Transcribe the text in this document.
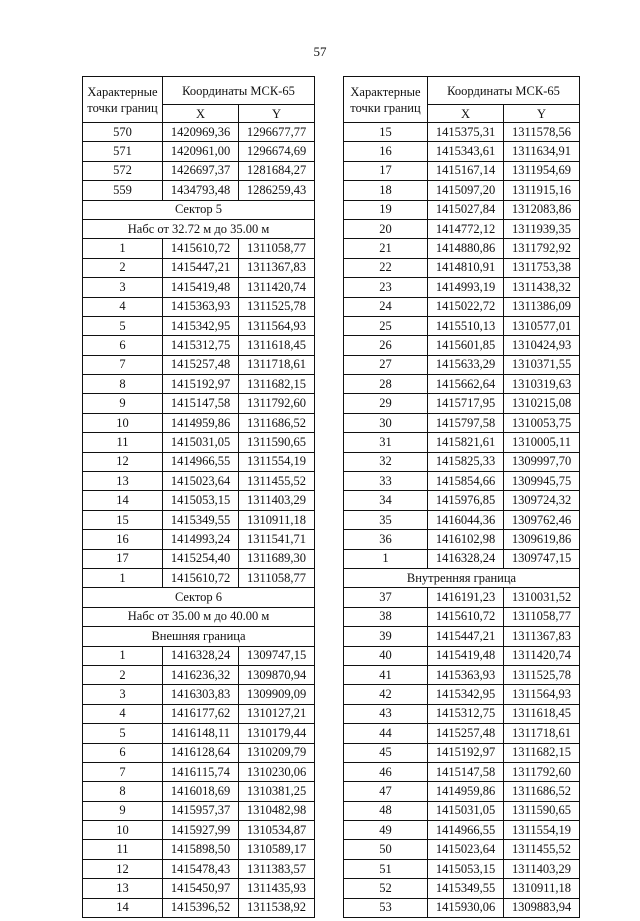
57
Характерные точки границ	Координаты МСК-65	
	X	Y
570	1420969,36	1296677,77
571	1420961,00	1296674,69
572	1426697,37	1281684,27
559	1434793,48	1286259,43
Сектор 5		
Набс от 32.72 м до 35.00 м		
1	1415610,72	1311058,77
2	1415447,21	1311367,83
3	1415419,48	1311420,74
4	1415363,93	1311525,78
5	1415342,95	1311564,93
6	1415312,75	1311618,45
7	1415257,48	1311718,61
8	1415192,97	1311682,15
9	1415147,58	1311792,60
10	1414959,86	1311686,52
11	1415031,05	1311590,65
12	1414966,55	1311554,19
13	1415023,64	1311455,52
14	1415053,15	1311403,29
15	1415349,55	1310911,18
16	1414993,24	1311541,71
17	1415254,40	1311689,30
1	1415610,72	1311058,77
Сектор 6		
Набс от 35.00 м до 40.00 м		
Внешняя граница		
1	1416328,24	1309747,15
2	1416236,32	1309870,94
3	1416303,83	1309909,09
4	1416177,62	1310127,21
5	1416148,11	1310179,44
6	1416128,64	1310209,79
7	1416115,74	1310230,06
8	1416018,69	1310381,25
9	1415957,37	1310482,98
10	1415927,99	1310534,87
11	1415898,50	1310589,17
12	1415478,43	1311383,57
13	1415450,97	1311435,93
14	1415396,52	1311538,92
Характерные точки границ	Координаты МСК-65	
	X	Y
15	1415375,31	1311578,56
16	1415343,61	1311634,91
17	1415167,14	1311954,69
18	1415097,20	1311915,16
19	1415027,84	1312083,86
20	1414772,12	1311939,35
21	1414880,86	1311792,92
22	1414810,91	1311753,38
23	1414993,19	1311438,32
24	1415022,72	1311386,09
25	1415510,13	1310577,01
26	1415601,85	1310424,93
27	1415633,29	1310371,55
28	1415662,64	1310319,63
29	1415717,95	1310215,08
30	1415797,58	1310053,75
31	1415821,61	1310005,11
32	1415825,33	1309997,70
33	1415854,66	1309945,75
34	1415976,85	1309724,32
35	1416044,36	1309762,46
36	1416102,98	1309619,86
1	1416328,24	1309747,15
Внутренняя граница		
37	1416191,23	1310031,52
38	1415610,72	1311058,77
39	1415447,21	1311367,83
40	1415419,48	1311420,74
41	1415363,93	1311525,78
42	1415342,95	1311564,93
43	1415312,75	1311618,45
44	1415257,48	1311718,61
45	1415192,97	1311682,15
46	1415147,58	1311792,60
47	1414959,86	1311686,52
48	1415031,05	1311590,65
49	1414966,55	1311554,19
50	1415023,64	1311455,52
51	1415053,15	1311403,29
52	1415349,55	1310911,18
53	1415930,06	1309883,94
